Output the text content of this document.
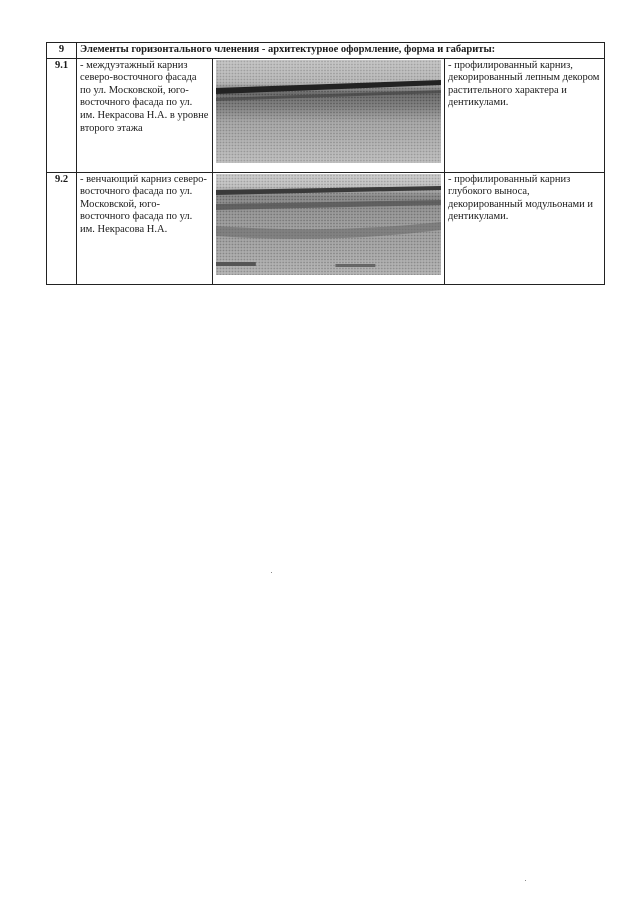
9	Элементы горизонтального членения - архитектурное оформление, форма и габариты:		
9.1	- междуэтажный карниз северо-восточного фасада по ул. Московской, юго-восточного фасада по ул. им. Некрасова Н.А. в уровне второго этажа		- профилированный карниз, декорированный лепным декором растительного характера и дентикулами.
9.2	- венчающий карниз северо-восточного фасада по ул. Московской, юго-восточного фасада по ул. им. Некрасова Н.А.		- профилированный карниз глубокого выноса, декорированный модульонами и дентикулами.
